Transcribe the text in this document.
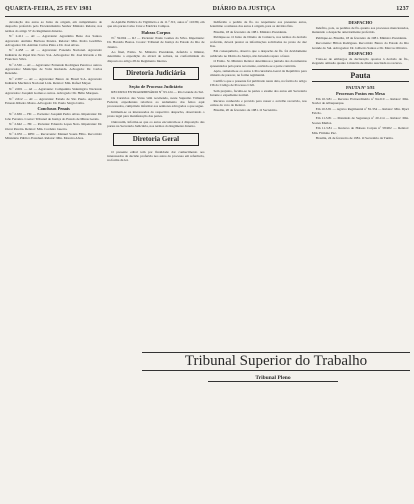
QUARTA-FEIRA, 25 FEV 1981	DIÁRIO DA JUSTIÇA	1237

devolução dos autos ao Juízo de origem, em cumprimento do despacho proferido pelo Excelentíssimo Senhor Ministro Relator, nos termos do artigo 57 do Regimento Interno.

N.º 2.411 — AI — Agravante: Agostinho Beno dos Santos. Agravado: Antônio Barbosa Pereira. Relator: Min. Pedro Gordilho. Advogados: Dr. Antônio Carlos Pinto e Dr. José Alves.

N.º 2.458 — AI — Agravante: Fazenda Nacional. Agravado: Indústria de Papel Rio Novo S/A. Advogados: Dr. José Ricardo e Dr. Francisco Silva.

N.º 2.530 — AI — Agravante: Fernando Rodrigues Pereira e outros. Agravados: Município de Volta Redonda. Advogado: Dr. Carlos Rezende.

N.º 2.587 — AI — Agravante: Banco do Brasil S/A. Agravado: Indústria Mecânica Nacional Ltda. Relator: Min. Rafael Mayer.

N.º 2.601 — AI — Agravante: Companhia Siderúrgica Nacional. Agravados: Joaquim Gomes e outros. Advogado: Dr. Hélio Marques.

N.º 2.612 — AI — Agravante: Estado de São Paulo. Agravado: Ernesto Ribeiro Matos. Advogado: Dr. Paulo Sérgio Lima.

Conclusos Penais

N.º 2.636 — HC — Paciente: Joaquim Pedro Alves. Impetrante: Dr. João Ferreira. Coator: Tribunal de Justiça do Estado de Minas Gerais.

N.º 2.642 — HC — Paciente: Eduardo Lopes Neto. Impetrante: Dr. Oscar Pereira. Relator: Min. Cordeiro Guerra.

N.º 2.655 — RHC — Recorrente: Manuel Souza Filho. Recorrido: Ministério Público Estadual. Relator: Min. Moreira Alves.

de Aptidão Pública da Vigilância e da 11.ª JCJ, autos nº 110/80, em que são partes Celso Cruz e Edelvira Campos.

Habeas Corpus

N.º 59.004 — RJ — Paciente: Paulo Gomes da Silva. Impetrante: Dr. Haroldo Bastos. Coator: Tribunal de Justiça do Estado do Rio de Janeiro.

Ao final, Exmo. Sr. Ministro Presidente, deferida a liminar, determino a expedição do alvará de soltura, na conformidade do disposto no artigo 28 do Regimento Interno.

Diretoria Judiciária

Seção de Processo Judiciário

RECURSO EXTRAORDINÁRIO Nº 93.124 — Rio Grande do Sul.

Os Cartórios das Varas vêm recebendo, neste Supremo Tribunal Federal, expedientes relativos ao andamento dos feitos aqui processados, cumprindo informar aos senhores advogados o que segue.

Intimem-se os interessados do respectivo despacho, observando o prazo legal para manifestação das partes.

Outrossim, informa-se que os autos encontram-se à disposição das partes na Secretaria Judiciária, nos termos do Regimento Interno.

Diretoria Geral

O presente edital tem por finalidade dar conhecimento aos interessados da decisão proferida nos autos do processo em referência, na forma da lei.

Indiferido o pedido de fls. no respeitante aos presentes autos, determino a remessa dos autos à origem, para os devidos fins.

Brasília, 18 de fevereiro de 1981. Ministro Presidente.

Publique-se. O Juízo de Direito da Comarca, nos termos da decisão proferida, deverá prestar as informações solicitadas no prazo de dez dias.

Em consequência, observo que o despacho de fls. foi devidamente publicado no Diário da Justiça, não havendo reparo a fazer.

O Exmo. Sr. Ministro Relator determinou a juntada dos documentos apresentados pela parte recorrente, ouvindo-se a parte contrária.

Após, remetam-se os autos à Procuradoria-Geral da República para emissão de parecer, na forma regimental.

Certifico que o presente foi publicado nesta data, na forma do artigo 236 do Código de Processo Civil.

Sem prejuízo, faculta-se às partes o exame dos autos em Secretaria durante o expediente normal.

Recurso conhecido e provido para cassar o acórdão recorrido, nos termos do voto do Relator.

Brasília, 20 de fevereiro de 1981. O Secretário.

DESPACHO

Indefiro, pois, os pedidos de fls. quanto aos processos mencionados, mantendo o despacho anteriormente proferido.

Publique-se. Brasília, 18 de fevereiro de 1981. Ministro Presidente.

Recorrente: Hilton Rodrigues. Recorrido: Banco do Estado do Rio Grande do Sul. Advogados: Dr. Gilberto Santos e Dr. Marcos Oliveira.

DESPACHO

Trata-se de embargos de declaração opostos à decisão de fls., alegando omissão quanto à matéria de direito suscitada no recurso.

Pauta

PAUTA Nº 5/81

Processos Postos em Mesa

Em 10.3.81 — Recurso Extraordinário nº 94.210 — Relator: Min. Xavier de Albuquerque.

Em 10.3.81 — Agravo Regimental nº 81.334 — Relator: Min. Djaci Falcão.

Em 11.3.81 — Mandado de Segurança nº 20.114 — Relator: Min. Soares Muñoz.

Em 11.3.81 — Recurso de Habeas Corpus nº 58.902 — Relator: Min. Firmino Paz.

Brasília, 24 de fevereiro de 1981. O Secretário da Turma.

Tribunal Superior do Trabalho
Tribunal Pleno
